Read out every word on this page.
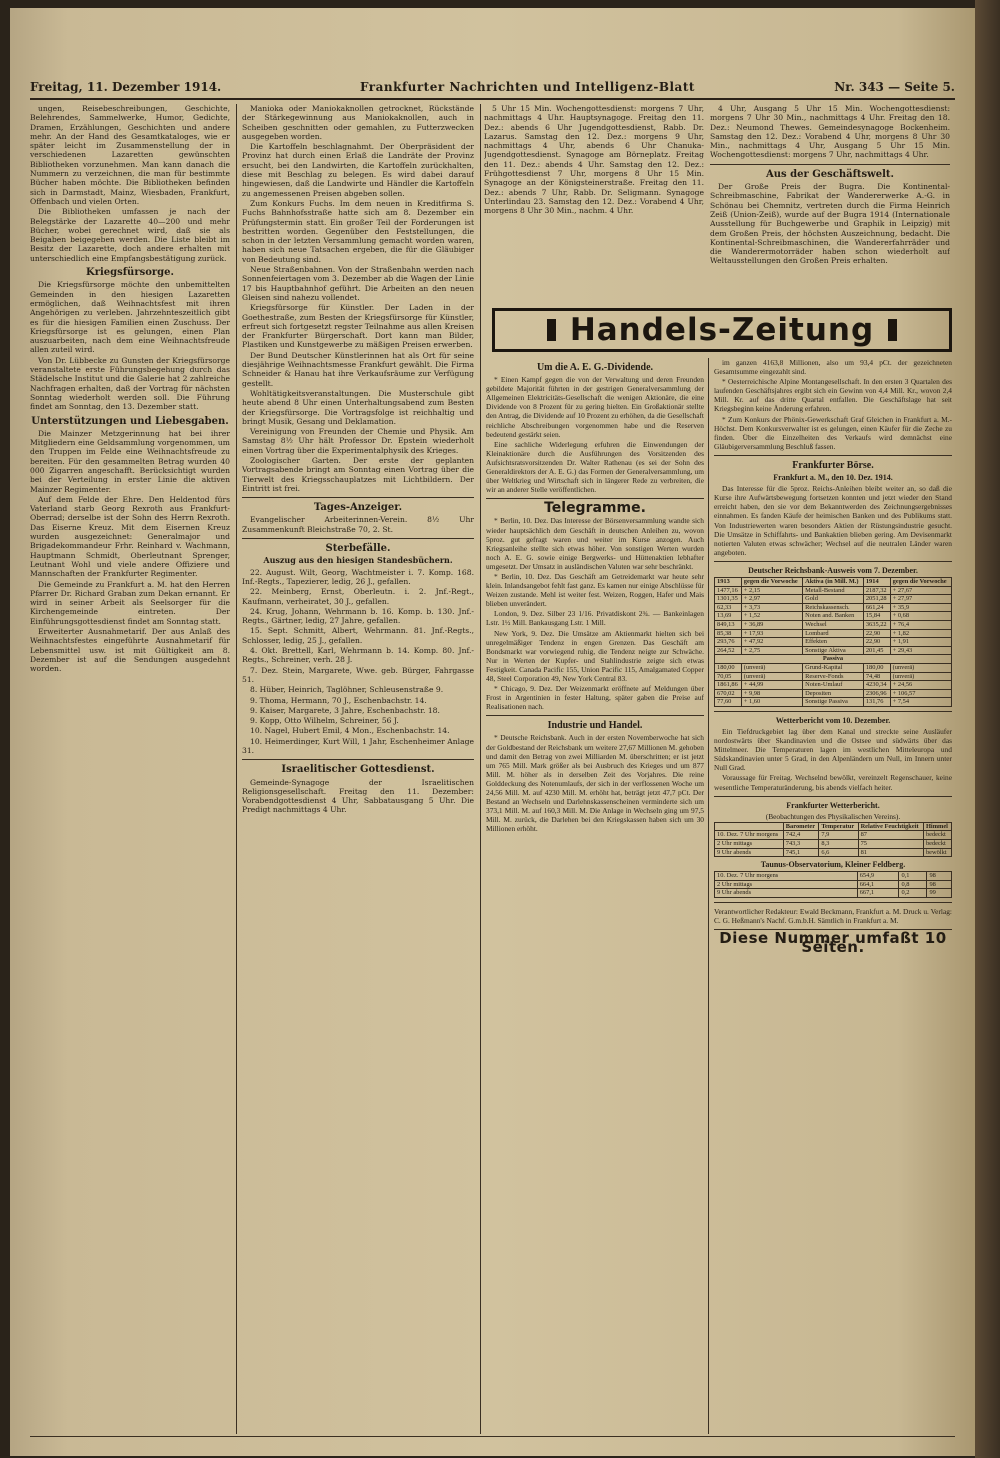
Freitag, 11. Dezember 1914.	Frankfurter Nachrichten und Intelligenz-Blatt	Nr. 343 — Seite 5.

ungen, Reisebeschreibungen, Geschichte, Belehrendes, Sammelwerke, Humor, Gedichte, Dramen, Erzählungen, Geschichten und andere mehr. An der Hand des Gesamtkataloges, wie er später leicht im Zusammenstellung der in verschiedenen Lazaretten gewünschten Bibliotheken vorzunehmen. Man kann danach die Nummern zu verzeichnen, die man für bestimmte Bücher haben möchte. Die Bibliotheken befinden sich in Darmstadt, Mainz, Wiesbaden, Frankfurt, Offenbach und vielen Orten.

Die Bibliotheken umfassen je nach der Belegstärke der Lazarette 40—200 und mehr Bücher, wobei gerechnet wird, daß sie als Beigaben beigegeben werden. Die Liste bleibt im Besitz der Lazarette, doch andere erhalten mit unterschiedlich eine Empfangsbestätigung zurück.

Kriegsfürsorge.

Die Kriegsfürsorge möchte den unbemittelten Gemeinden in den hiesigen Lazaretten ermöglichen, daß Weihnachtsfest mit ihren Angehörigen zu verleben. Jahrzehnteszeitlich gibt es für die hiesigen Familien einen Zuschuss. Der Kriegsfürsorge ist es gelungen, einen Plan auszuarbeiten, nach dem eine Weihnachtsfreude allen zuteil wird.

Von Dr. Lübbecke zu Gunsten der Kriegsfürsorge veranstaltete erste Führungsbegehung durch das Städelsche Institut und die Galerie hat 2 zahlreiche Nachfragen erhalten, daß der Vortrag für nächsten Sonntag wiederholt werden soll. Die Führung findet am Sonntag, den 13. Dezember statt.

Unterstützungen und Liebesgaben.

Die Mainzer Metzgerinnung hat bei ihrer Mitgliedern eine Geldsammlung vorgenommen, um den Truppen im Felde eine Weihnachtsfreude zu bereiten. Für den gesammelten Betrag wurden 40 000 Zigarren angeschafft. Berücksichtigt wurden bei der Verteilung in erster Linie die aktiven Mainzer Regimenter.

Auf dem Felde der Ehre. Den Heldentod fürs Vaterland starb Georg Rexroth aus Frankfurt-Oberrad; derselbe ist der Sohn des Herrn Rexroth. Das Eiserne Kreuz. Mit dem Eisernen Kreuz wurden ausgezeichnet: Generalmajor und Brigadekommandeur Frhr. Reinhard v. Wachmann, Hauptmann Schmidt, Oberleutnant Sprenger, Leutnant Wohl und viele andere Offiziere und Mannschaften der Frankfurter Regimenter.

Die Gemeinde zu Frankfurt a. M. hat den Herren Pfarrer Dr. Richard Graban zum Dekan ernannt. Er wird in seiner Arbeit als Seelsorger für die Kirchengemeinde eintreten. Der Einführungsgottesdienst findet am Sonntag statt.

Erweiterter Ausnahmetarif. Der aus Anlaß des Weihnachtsfestes eingeführte Ausnahmetarif für Lebensmittel usw. ist mit Gültigkeit am 8. Dezember ist auf die Sendungen ausgedehnt worden.

Manioka oder Maniokaknollen getrocknet, Rückstände der Stärkegewinnung aus Maniokaknollen, auch in Scheiben geschnitten oder gemahlen, zu Futterzwecken ausgegeben worden.

Die Kartoffeln beschlagnahmt. Der Oberpräsident der Provinz hat durch einen Erlaß die Landräte der Provinz ersucht, bei den Landwirten, die Kartoffeln zurückhalten, diese mit Beschlag zu belegen. Es wird dabei darauf hingewiesen, daß die Landwirte und Händler die Kartoffeln zu angemessenen Preisen abgeben sollen.

Zum Konkurs Fuchs. Im dem neuen in Kreditfirma S. Fuchs Bahnhofsstraße hatte sich am 8. Dezember ein Prüfungstermin statt. Ein großer Teil der Forderungen ist bestritten worden. Gegenüber den Feststellungen, die schon in der letzten Versammlung gemacht worden waren, haben sich neue Tatsachen ergeben, die für die Gläubiger von Bedeutung sind.

Neue Straßenbahnen. Von der Straßenbahn werden nach Sonnenfeiertagen vom 3. Dezember ab die Wagen der Linie 17 bis Hauptbahnhof geführt. Die Arbeiten an den neuen Gleisen sind nahezu vollendet.

Kriegsfürsorge für Künstler. Der Laden in der Goethestraße, zum Besten der Kriegsfürsorge für Künstler, erfreut sich fortgesetzt regster Teilnahme aus allen Kreisen der Frankfurter Bürgerschaft. Dort kann man Bilder, Plastiken und Kunstgewerbe zu mäßigen Preisen erwerben.

Der Bund Deutscher Künstlerinnen hat als Ort für seine diesjährige Weihnachtsmesse Frankfurt gewählt. Die Firma Schneider & Hanau hat ihre Verkaufsräume zur Verfügung gestellt.

Wohltätigkeitsveranstaltungen. Die Musterschule gibt heute abend 8 Uhr einen Unterhaltungsabend zum Besten der Kriegsfürsorge. Die Vortragsfolge ist reichhaltig und bringt Musik, Gesang und Deklamation.

Vereinigung von Freunden der Chemie und Physik. Am Samstag 8½ Uhr hält Professor Dr. Epstein wiederholt einen Vortrag über die Experimentalphysik des Krieges.

Zoologischer Garten. Der erste der geplanten Vortragsabende bringt am Sonntag einen Vortrag über die Tierwelt des Kriegsschauplatzes mit Lichtbildern. Der Eintritt ist frei.

Tages-Anzeiger.

Evangelischer Arbeiterinnen-Verein. 8½ Uhr Zusammenkunft Bleichstraße 70, 2. St.

Sterbefälle.
Auszug aus den hiesigen Standesbüchern.

22. August. Wilt, Georg, Wachtmeister i. 7. Komp. 168. Inf.-Regts., Tapezierer, ledig, 26 J., gefallen.

22. Meinberg, Ernst, Oberleutn. i. 2. Jnf.-Regt., Kaufmann, verheiratet, 30 J., gefallen.

24. Krug, Johann, Wehrmann b. 16. Komp. b. 130. Jnf.-Regts., Gärtner, ledig, 27 Jahre, gefallen.

15. Sept. Schmitt, Albert, Wehrmann. 81. Jnf.-Regts., Schlosser, ledig, 25 J., gefallen.

4. Okt. Brettell, Karl, Wehrmann b. 14. Komp. 80. Jnf.-Regts., Schreiner, verh. 28 J.

7. Dez. Stein, Margarete, Wwe. geb. Bürger, Fahrgasse 51.

8. Hüber, Heinrich, Taglöhner, Schleusenstraße 9.

9. Thoma, Hermann, 70 J., Eschenbachstr. 14.

9. Kaiser, Margarete, 3 Jahre, Eschenbachstr. 18.

9. Kopp, Otto Wilhelm, Schreiner, 56 J.

10. Nagel, Hubert Emil, 4 Mon., Eschenbachstr. 14.

10. Heimerdinger, Kurt Will, 1 Jahr, Eschenheimer Anlage 31.

Israelitischer Gottesdienst.

Gemeinde-Synagoge der Israelitischen Religionsgesellschaft. Freitag den 11. Dezember: Vorabendgottesdienst 4 Uhr, Sabbatausgang 5 Uhr. Die Predigt nachmittags 4 Uhr.

5 Uhr 15 Min. Wochengottesdienst: morgens 7 Uhr, nachmittags 4 Uhr. Hauptsynagoge. Freitag den 11. Dez.: abends 6 Uhr Jugendgottesdienst, Rabb. Dr. Lazarus. Samstag den 12. Dez.: morgens 9 Uhr, nachmittags 4 Uhr, abends 6 Uhr Chanuka-Jugendgottesdienst. Synagoge am Börneplatz. Freitag den 11. Dez.: abends 4 Uhr. Samstag den 12. Dez.: Frühgottesdienst 7 Uhr, morgens 8 Uhr 15 Min. Synagoge an der Königsteinerstraße. Freitag den 11. Dez.: abends 7 Uhr, Rabb. Dr. Seligmann. Synagoge Unterlindau 23. Samstag den 12. Dez.: Vorabend 4 Uhr, morgens 8 Uhr 30 Min., nachm. 4 Uhr.

4 Uhr, Ausgang 5 Uhr 15 Min. Wochengottesdienst: morgens 7 Uhr 30 Min., nachmittags 4 Uhr. Freitag den 18. Dez.: Neumond Thewes. Gemeindesynagoge Bockenheim. Samstag den 12. Dez.: Vorabend 4 Uhr, morgens 8 Uhr 30 Min., nachmittags 4 Uhr, Ausgang 5 Uhr 15 Min. Wochengottesdienst: morgens 7 Uhr, nachmittags 4 Uhr.

Aus der Geschäftswelt.

Der Große Preis der Bugra. Die Kontinental-Schreibmaschine, Fabrikat der Wandererwerke A.-G. in Schönau bei Chemnitz, vertreten durch die Firma Heinrich Zeiß (Union-Zeiß), wurde auf der Bugra 1914 (Internationale Ausstellung für Buchgewerbe und Graphik in Leipzig) mit dem Großen Preis, der höchsten Auszeichnung, bedacht. Die Kontinental-Schreibmaschinen, die Wandererfahrräder und die Wanderermotorräder haben schon wiederholt auf Weltausstellungen den Großen Preis erhalten.

Handels-Zeitung
Um die A. E. G.-Dividende.

* Einen Kampf gegen die von der Verwaltung und deren Freunden gebildete Majorität führten in der gestrigen Generalversammlung der Allgemeinen Elektricitäts-Gesellschaft die wenigen Aktionäre, die eine Dividende von 8 Prozent für zu gering hielten. Ein Großaktionär stellte den Antrag, die Dividende auf 10 Prozent zu erhöhen, da die Gesellschaft reichliche Abschreibungen vorgenommen habe und die Reserven bedeutend gestärkt seien.

Eine sachliche Widerlegung erfuhren die Einwendungen der Kleinaktionäre durch die Ausführungen des Vorsitzenden des Aufsichtsratsvorsitzenden Dr. Walter Rathenau (es sei der Sohn des Generaldirektors der A. E. G.) das Formen der Generalversammlung, um über Weltkrieg und Wirtschaft sich in längerer Rede zu verbreiten, die wir an anderer Stelle veröffentlichen.

Telegramme.

* Berlin, 10. Dez. Das Interesse der Börsenversammlung wandte sich wieder hauptsächlich dem Geschäft in deutschen Anleihen zu, wovon 5proz. gut gefragt waren und weiter im Kurse anzogen. Auch Kriegsanleihe stellte sich etwas höher. Von sonstigen Werten wurden noch A. E. G. sowie einige Bergwerks- und Hüttenaktien lebhafter umgesetzt. Der Umsatz in ausländischen Valuten war sehr beschränkt.

* Berlin, 10. Dez. Das Geschäft am Getreidemarkt war heute sehr klein. Inlandsangebot fehlt fast ganz. Es kamen nur einige Abschlüsse für Weizen zustande. Mehl ist weiter fest. Weizen, Roggen, Hafer und Mais blieben unverändert.

London, 9. Dez. Silber 23 1/16. Privatdiskont 2¾. — Bankeinlagen Lstr. 1½ Mill. Bankausgang Lstr. 1 Mill.

New York, 9. Dez. Die Umsätze am Aktienmarkt hielten sich bei unregelmäßiger Tendenz in engen Grenzen. Das Geschäft am Bondsmarkt war vorwiegend ruhig, die Tendenz neigte zur Schwäche. Nur in Werten der Kupfer- und Stahlindustrie zeigte sich etwas Festigkeit. Canada Pacific 155, Union Pacific 115, Amalgamated Copper 48, Steel Corporation 49, New York Central 83.

* Chicago, 9. Dez. Der Weizenmarkt eröffnete auf Meldungen über Frost in Argentinien in fester Haltung, später gaben die Preise auf Realisationen nach.

Industrie und Handel.

* Deutsche Reichsbank. Auch in der ersten Novemberwoche hat sich der Goldbestand der Reichsbank um weitere 27,67 Millionen M. gehoben und damit den Betrag von zwei Milliarden M. überschritten; er ist jetzt um 765 Mill. Mark größer als bei Ausbruch des Krieges und um 877 Mill. M. höher als in derselben Zeit des Vorjahres. Die reine Golddeckung des Notenumlaufs, der sich in der verflossenen Woche um 24,56 Mill. M. auf 4230 Mill. M. erhöht hat, beträgt jetzt 47,7 pCt. Der Bestand an Wechseln und Darlehnskassenscheinen verminderte sich um 373,1 Mill. M. auf 160,3 Mill. M. Die Anlage in Wechseln ging um 97,5 Mill. M. zurück, die Darlehen bei den Kriegskassen haben sich um 30 Millionen erhöht.

im ganzen 4163,8 Millionen, also um 93,4 pCt. der gezeichneten Gesamtsumme eingezahlt sind.

* Oesterreichische Alpine Montangesellschaft. In den ersten 3 Quartalen des laufenden Geschäftsjahres ergibt sich ein Gewinn von 4,4 Mill. Kr., wovon 2,4 Mill. Kr. auf das dritte Quartal entfallen. Die Geschäftslage hat seit Kriegsbeginn keine Änderung erfahren.

* Zum Konkurs der Phönix-Gewerkschaft Graf Gleichen in Frankfurt a. M.-Höchst. Dem Konkursverwalter ist es gelungen, einen Käufer für die Zeche zu finden. Über die Einzelheiten des Verkaufs wird demnächst eine Gläubigerversammlung Beschluß fassen.

Frankfurter Börse.
Frankfurt a. M., den 10. Dez. 1914.

Das Interesse für die 5proz. Reichs-Anleihen bleibt weiter an, so daß die Kurse ihre Aufwärtsbewegung fortsetzen konnten und jetzt wieder den Stand erreicht haben, den sie vor dem Bekanntwerden des Zeichnungsergebnisses einnahmen. Es fanden Käufe der heimischen Banken und des Publikums statt. Von Industriewerten waren besonders Aktien der Rüstungsindustrie gesucht. Die Umsätze in Schiffahrts- und Bankaktien blieben gering. Am Devisenmarkt notierten Valuten etwas schwächer; Wechsel auf die neutralen Länder waren angeboten.

Deutscher Reichsbank-Ausweis vom 7. Dezember.
1913	gegen die Vorwoche	Aktiva (in Mill. M.)	1914	gegen die Vorwoche
1477,16	+ 2,15	Metall-Bestand	2187,32	+ 27,67
1301,35	+ 2,97	Gold	2051,28	+ 27,97
62,33	+ 3,73	Reichskassensch.	661,24	+ 35,9
13,69	+ 1,52	Noten and. Banken	15,84	+ 0,68
849,13	+ 36,89	Wechsel	3635,22	+ 76,4
85,38	+ 17,93	Lombard	22,90	+ 1,82
293,76	+ 47,92	Effekten	22,90	+ 1,91
264,52	+ 2,75	Sonstige Aktiva	201,45	+ 29,43
Passiva				
180,00	(unverä)	Grund-Kapital	180,00	(unverä)
70,05	(unverä)	Reserve-Fonds	74,48	(unverä)
1861,86	+ 44,99	Noten-Umlauf	4230,34	+ 24,56
670,02	+ 9,98	Depositen	2306,96	+ 106,57
77,60	+ 1,60	Sonstige Passiva	131,76	+ 7,54
Wetterbericht vom 10. Dezember.

Ein Tiefdruckgebiet lag über dem Kanal und streckte seine Ausläufer nordostwärts über Skandinavien und die Ostsee und südwärts über das Mittelmeer. Die Temperaturen lagen im westlichen Mitteleuropa und Südskandinavien unter 5 Grad, in den Alpenländern um Null, im Innern unter Null Grad.

Voraussage für Freitag. Wechselnd bewölkt, vereinzelt Regenschauer, keine wesentliche Temperaturänderung, bis abends vielfach heiter.

Frankfurter Wetterbericht.

(Beobachtungen des Physikalischen Vereins).

	Barometer	Temperatur	Relative Feuchtigkeit	Himmel
10. Dez. 7 Uhr morgens	742,4	7,9	87	bedeckt
2 Uhr mittags	743,3	8,3	75	bedeckt
9 Uhr abends	745,1	6,6	81	bewölkt
Taunus-Observatorium, Kleiner Feldberg.
10. Dez. 7 Uhr morgens	654,9	0,1	98
2 Uhr mittags	664,1	0,8	98
9 Uhr abends	667,1	0,2	99

Verantwortlicher Redakteur: Ewald Beckmann, Frankfurt a. M. Druck u. Verlag: C. G. Heßmann's Nachf. G.m.b.H. Sämtlich in Frankfurt a. M.

Diese Nummer umfaßt 10 Seiten.
